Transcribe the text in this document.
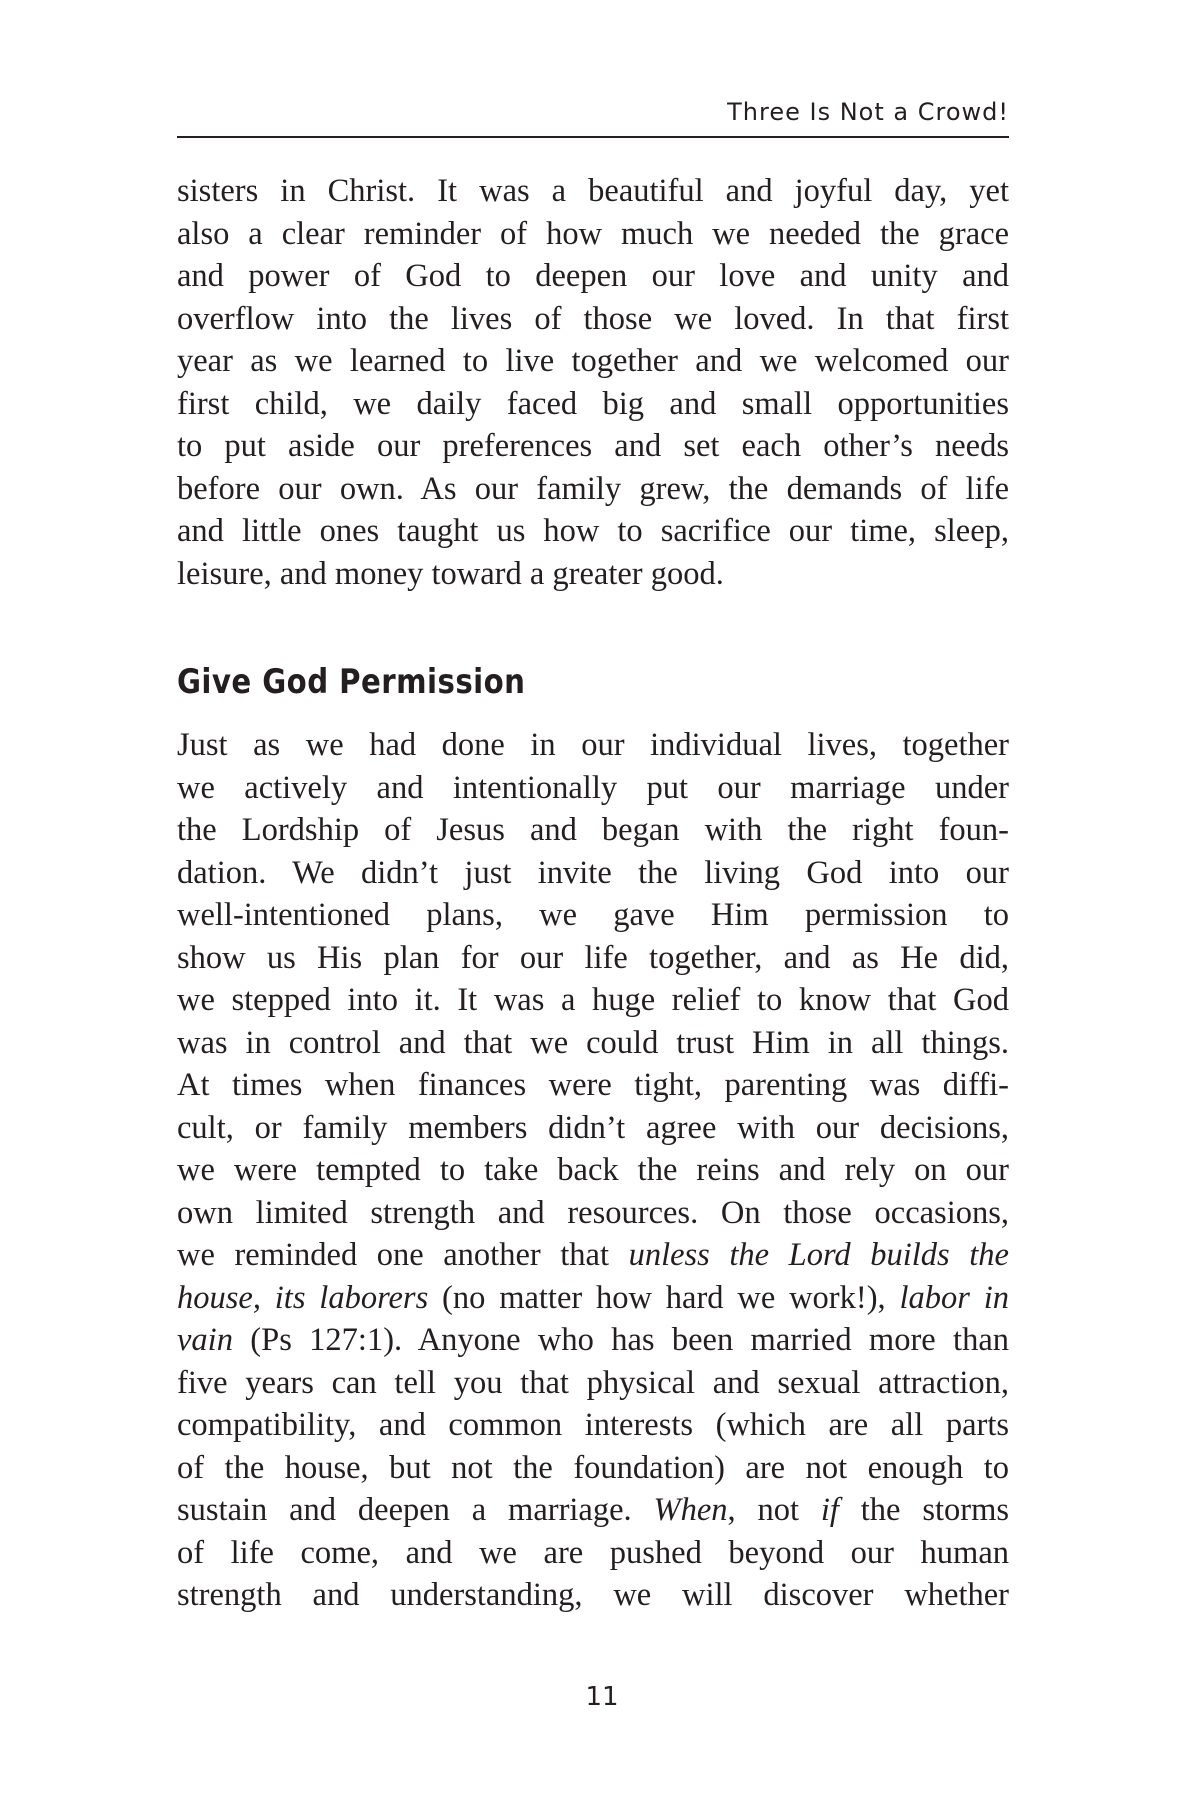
Three Is Not a Crowd!
sisters in Christ. It was a beautiful and joyful day, yet
also a clear reminder of how much we needed the grace
and power of God to deepen our love and unity and
overflow into the lives of those we loved. In that first
year as we learned to live together and we welcomed our
first child, we daily faced big and small opportunities
to put aside our preferences and set each other’s needs
before our own. As our family grew, the demands of life
and little ones taught us how to sacrifice our time, sleep,
leisure, and money toward a greater good.
Give God Permission
Just as we had done in our individual lives, together
we actively and intentionally put our marriage under
the Lordship of Jesus and began with the right foun-
dation. We didn’t just invite the living God into our
well-intentioned plans, we gave Him permission to
show us His plan for our life together, and as He did,
we stepped into it. It was a huge relief to know that God
was in control and that we could trust Him in all things.
At times when finances were tight, parenting was diffi-
cult, or family members didn’t agree with our decisions,
we were tempted to take back the reins and rely on our
own limited strength and resources. On those occasions,
we reminded one another that unless the Lord builds the
house, its laborers (no matter how hard we work!), labor in
vain (Ps 127:1). Anyone who has been married more than
five years can tell you that physical and sexual attraction,
compatibility, and common interests (which are all parts
of the house, but not the foundation) are not enough to
sustain and deepen a marriage. When, not if the storms
of life come, and we are pushed beyond our human
strength and understanding, we will discover whether
11
